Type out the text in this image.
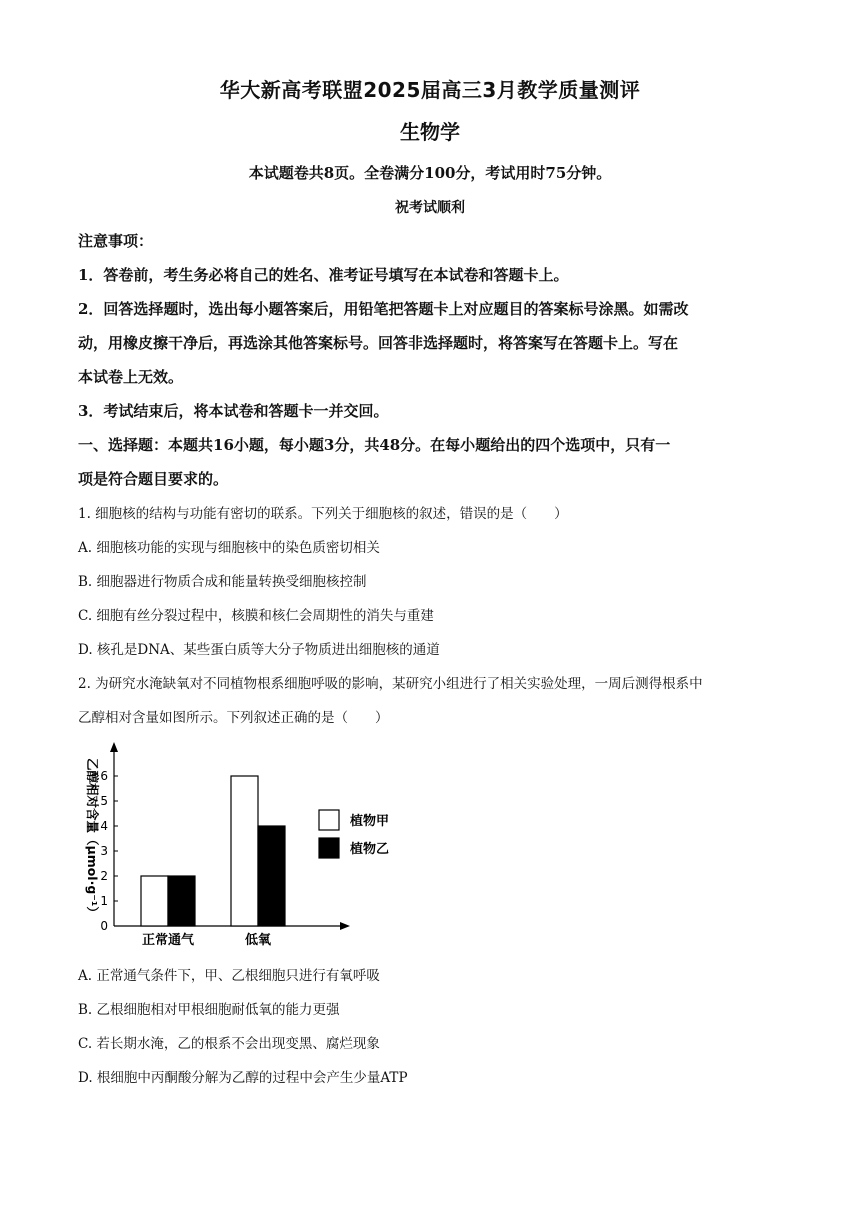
华大新高考联盟2025届高三3月教学质量测评
生物学
本试题卷共8页。全卷满分100分，考试用时75分钟。
祝考试顺利
注意事项：
1．答卷前，考生务必将自己的姓名、准考证号填写在本试卷和答题卡上。
2．回答选择题时，选出每小题答案后，用铅笔把答题卡上对应题目的答案标号涂黑。如需改
动，用橡皮擦干净后，再选涂其他答案标号。回答非选择题时，将答案写在答题卡上。写在
本试卷上无效。
3．考试结束后，将本试卷和答题卡一并交回。
一、选择题：本题共16小题，每小题3分，共48分。在每小题给出的四个选项中，只有一
项是符合题目要求的。
1. 细胞核的结构与功能有密切的联系。下列关于细胞核的叙述，错误的是（　　）
A. 细胞核功能的实现与细胞核中的染色质密切相关
B. 细胞器进行物质合成和能量转换受细胞核控制
C. 细胞有丝分裂过程中，核膜和核仁会周期性的消失与重建
D. 核孔是DNA、某些蛋白质等大分子物质进出细胞核的通道
2. 为研究水淹缺氧对不同植物根系细胞呼吸的影响，某研究小组进行了相关实验处理，一周后测得根系中
乙醇相对含量如图所示。下列叙述正确的是（　　）
0
1
2
3
4
5
6
乙醇相对含量（μmol·g⁻¹）
正常通气	低氧
植物甲
植物乙
A. 正常通气条件下，甲、乙根细胞只进行有氧呼吸
B. 乙根细胞相对甲根细胞耐低氧的能力更强
C. 若长期水淹，乙的根系不会出现变黑、腐烂现象
D. 根细胞中丙酮酸分解为乙醇的过程中会产生少量ATP
